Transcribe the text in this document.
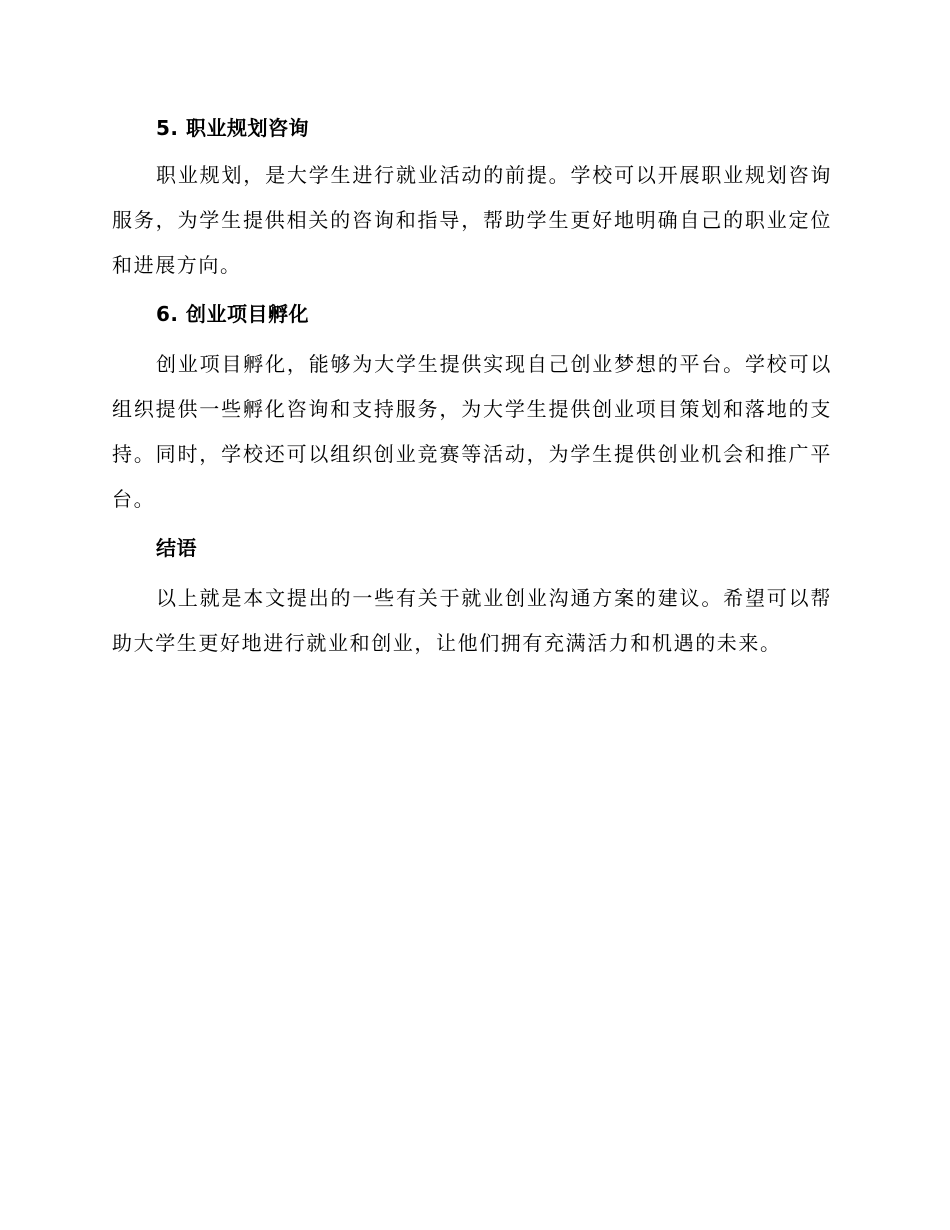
5. 职业规划咨询

职业规划，是大学生进行就业活动的前提。学校可以开展职业规划咨询服务，为学生提供相关的咨询和指导，帮助学生更好地明确自己的职业定位和进展方向。

6. 创业项目孵化

创业项目孵化，能够为大学生提供实现自己创业梦想的平台。学校可以组织提供一些孵化咨询和支持服务，为大学生提供创业项目策划和落地的支持。同时，学校还可以组织创业竞赛等活动，为学生提供创业机会和推广平台。

结语

以上就是本文提出的一些有关于就业创业沟通方案的建议。希望可以帮助大学生更好地进行就业和创业，让他们拥有充满活力和机遇的未来。
